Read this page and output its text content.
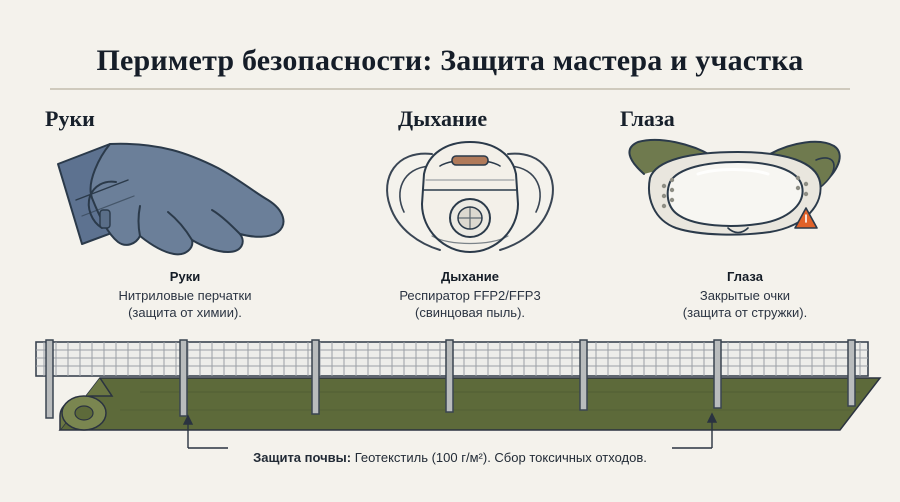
Периметр безопасности: Защита мастера и участка
Руки
Руки
Нитриловые перчатки
(защита от химии).
Дыхание
Дыхание
Респиратор FFP2/FFP3
(свинцовая пыль).
Глаза
Глаза
Закрытые очки
(защита от стружки).
Защита почвы: Геотекстиль (100 г/м²). Сбор токсичных отходов.
